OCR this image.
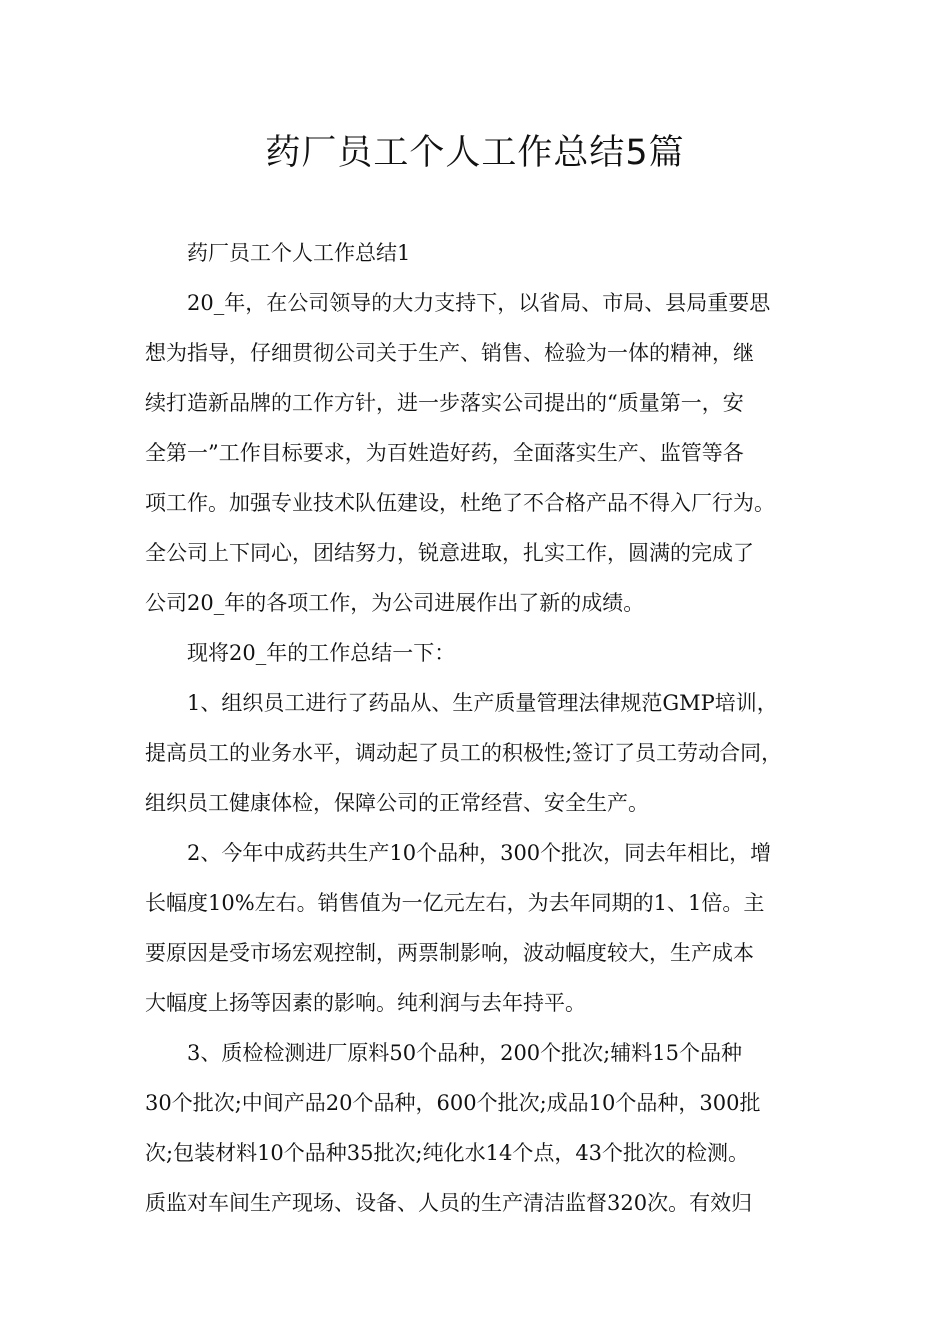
药厂员工个人工作总结5篇

药厂员工个人工作总结1

20_年，在公司领导的大力支持下，以省局、市局、县局重要思
想为指导，仔细贯彻公司关于生产、销售、检验为一体的精神，继
续打造新品牌的工作方针，进一步落实公司提出的“质量第一，安
全第一”工作目标要求，为百姓造好药，全面落实生产、监管等各
项工作。加强专业技术队伍建设，杜绝了不合格产品不得入厂行为。
全公司上下同心，团结努力，锐意进取，扎实工作，圆满的完成了
公司20_年的各项工作，为公司进展作出了新的成绩。

现将20_年的工作总结一下：

1、组织员工进行了药品从、生产质量管理法律规范GMP培训，
提高员工的业务水平，调动起了员工的积极性;签订了员工劳动合同，
组织员工健康体检，保障公司的正常经营、安全生产。

2、今年中成药共生产10个品种，300个批次，同去年相比，增
长幅度10%左右。销售值为一亿元左右，为去年同期的1、1倍。主
要原因是受市场宏观控制，两票制影响，波动幅度较大，生产成本
大幅度上扬等因素的影响。纯利润与去年持平。

3、质检检测进厂原料50个品种，200个批次;辅料15个品种
30个批次;中间产品20个品种，600个批次;成品10个品种，300批
次;包装材料10个品种35批次;纯化水14个点，43个批次的检测。
质监对车间生产现场、设备、人员的生产清洁监督320次。有效归
